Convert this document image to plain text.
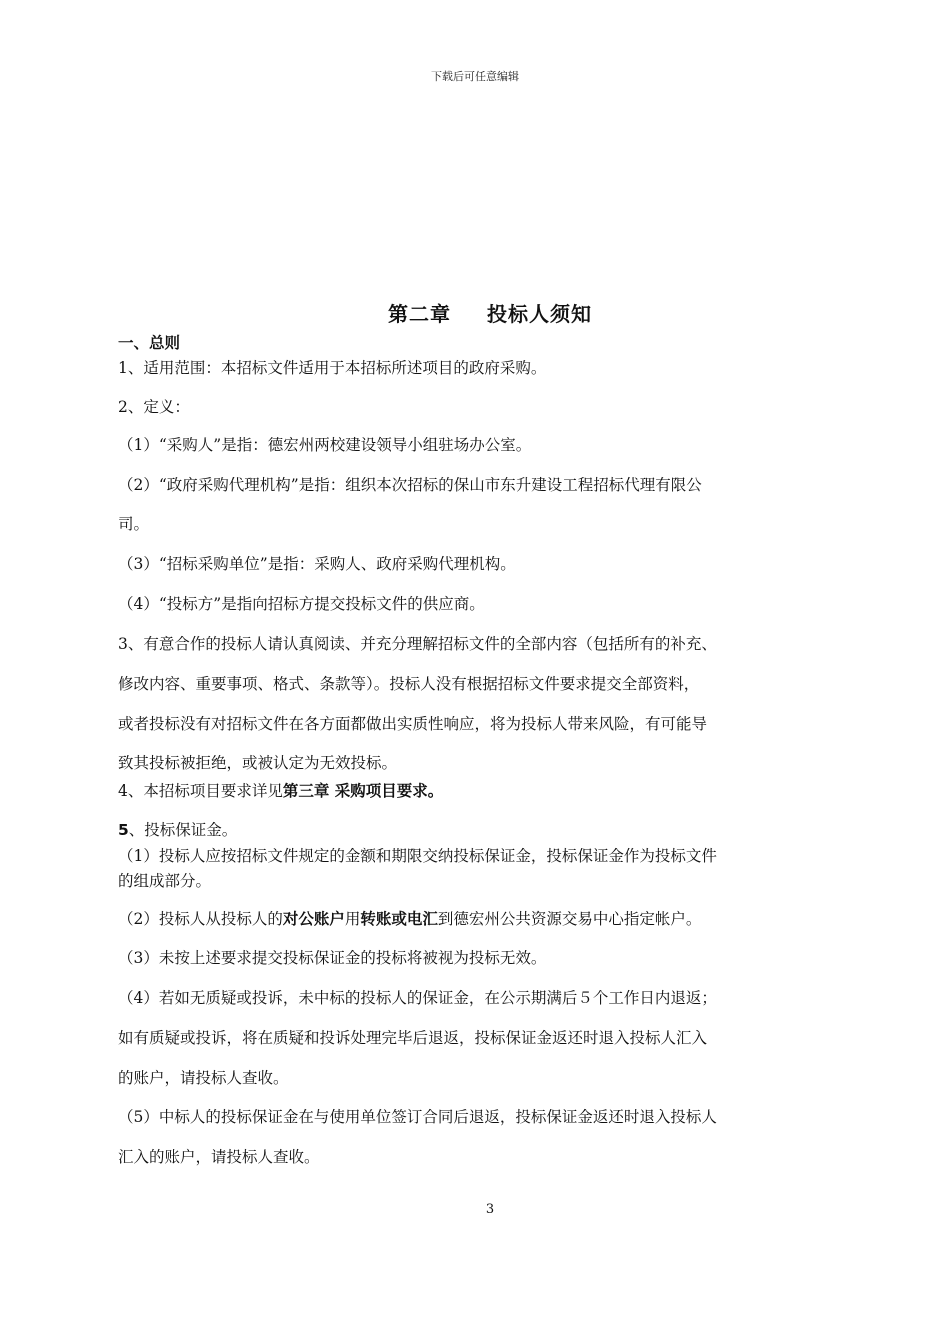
下载后可任意编辑
第二章 投标人须知
一、总则
1、适用范围：本招标文件适用于本招标所述项目的政府采购。
2、定义：
（1）“采购人”是指：德宏州两校建设领导小组驻场办公室。
（2）“政府采购代理机构”是指：组织本次招标的保山市东升建设工程招标代理有限公
司。
（3）“招标采购单位”是指：采购人、政府采购代理机构。
（4）“投标方”是指向招标方提交投标文件的供应商。
3、有意合作的投标人请认真阅读、并充分理解招标文件的全部内容（包括所有的补充、
修改内容、重要事项、格式、条款等）。投标人没有根据招标文件要求提交全部资料，
或者投标没有对招标文件在各方面都做出实质性响应，将为投标人带来风险，有可能导
致其投标被拒绝，或被认定为无效投标。
4、本招标项目要求详见第三章 采购项目要求。
5、投标保证金。
（1）投标人应按招标文件规定的金额和期限交纳投标保证金，投标保证金作为投标文件
的组成部分。
（2）投标人从投标人的对公账户用转账或电汇到德宏州公共资源交易中心指定帐户。
（3）未按上述要求提交投标保证金的投标将被视为投标无效。
（4）若如无质疑或投诉，未中标的投标人的保证金，在公示期满后５个工作日内退返；
如有质疑或投诉，将在质疑和投诉处理完毕后退返，投标保证金返还时退入投标人汇入
的账户，请投标人查收。
（5）中标人的投标保证金在与使用单位签订合同后退返，投标保证金返还时退入投标人
汇入的账户，请投标人查收。
3
